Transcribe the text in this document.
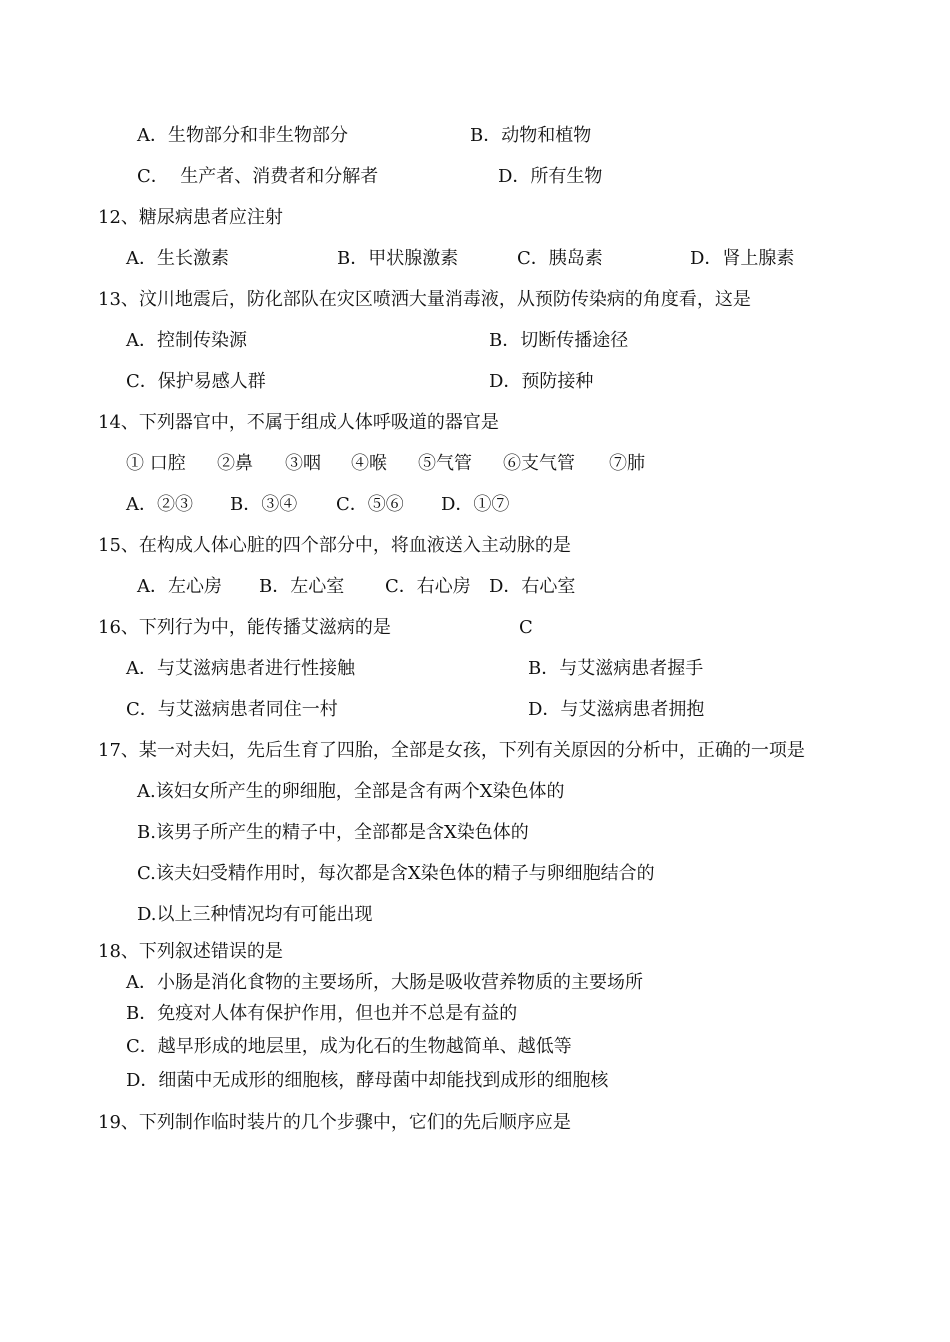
A．生物部分和非生物部分	B．动物和植物
C．  生产者、消费者和分解者	D．所有生物
12、糖尿病患者应注射
A．生长激素	B．甲状腺激素	C．胰岛素	D．肾上腺素
13、汶川地震后，防化部队在灾区喷洒大量消毒液，从预防传染病的角度看，这是
A．控制传染源	B．切断传播途径
C．保护易感人群	D．预防接种
14、下列器官中，不属于组成人体呼吸道的器官是
① 口腔 ②鼻 ③咽 ④喉 ⑤气管 ⑥支气管 ⑦肺
A．②③ B．③④ C．⑤⑥ D．①⑦
15、在构成人体心脏的四个部分中，将血液送入主动脉的是
A．左心房 B．左心室 C．右心房 D．右心室
16、下列行为中，能传播艾滋病的是	C
A．与艾滋病患者进行性接触	B．与艾滋病患者握手
C．与艾滋病患者同住一村	D．与艾滋病患者拥抱
17、某一对夫妇，先后生育了四胎，全部是女孩，下列有关原因的分析中，正确的一项是
A.该妇女所产生的卵细胞，全部是含有两个X染色体的
B.该男子所产生的精子中，全部都是含X染色体的
C.该夫妇受精作用时，每次都是含X染色体的精子与卵细胞结合的
D.以上三种情况均有可能出现
18、下列叙述错误的是
A．小肠是消化食物的主要场所，大肠是吸收营养物质的主要场所
B．免疫对人体有保护作用，但也并不总是有益的
C．越早形成的地层里，成为化石的生物越简单、越低等
D．细菌中无成形的细胞核，酵母菌中却能找到成形的细胞核
19、下列制作临时装片的几个步骤中，它们的先后顺序应是
